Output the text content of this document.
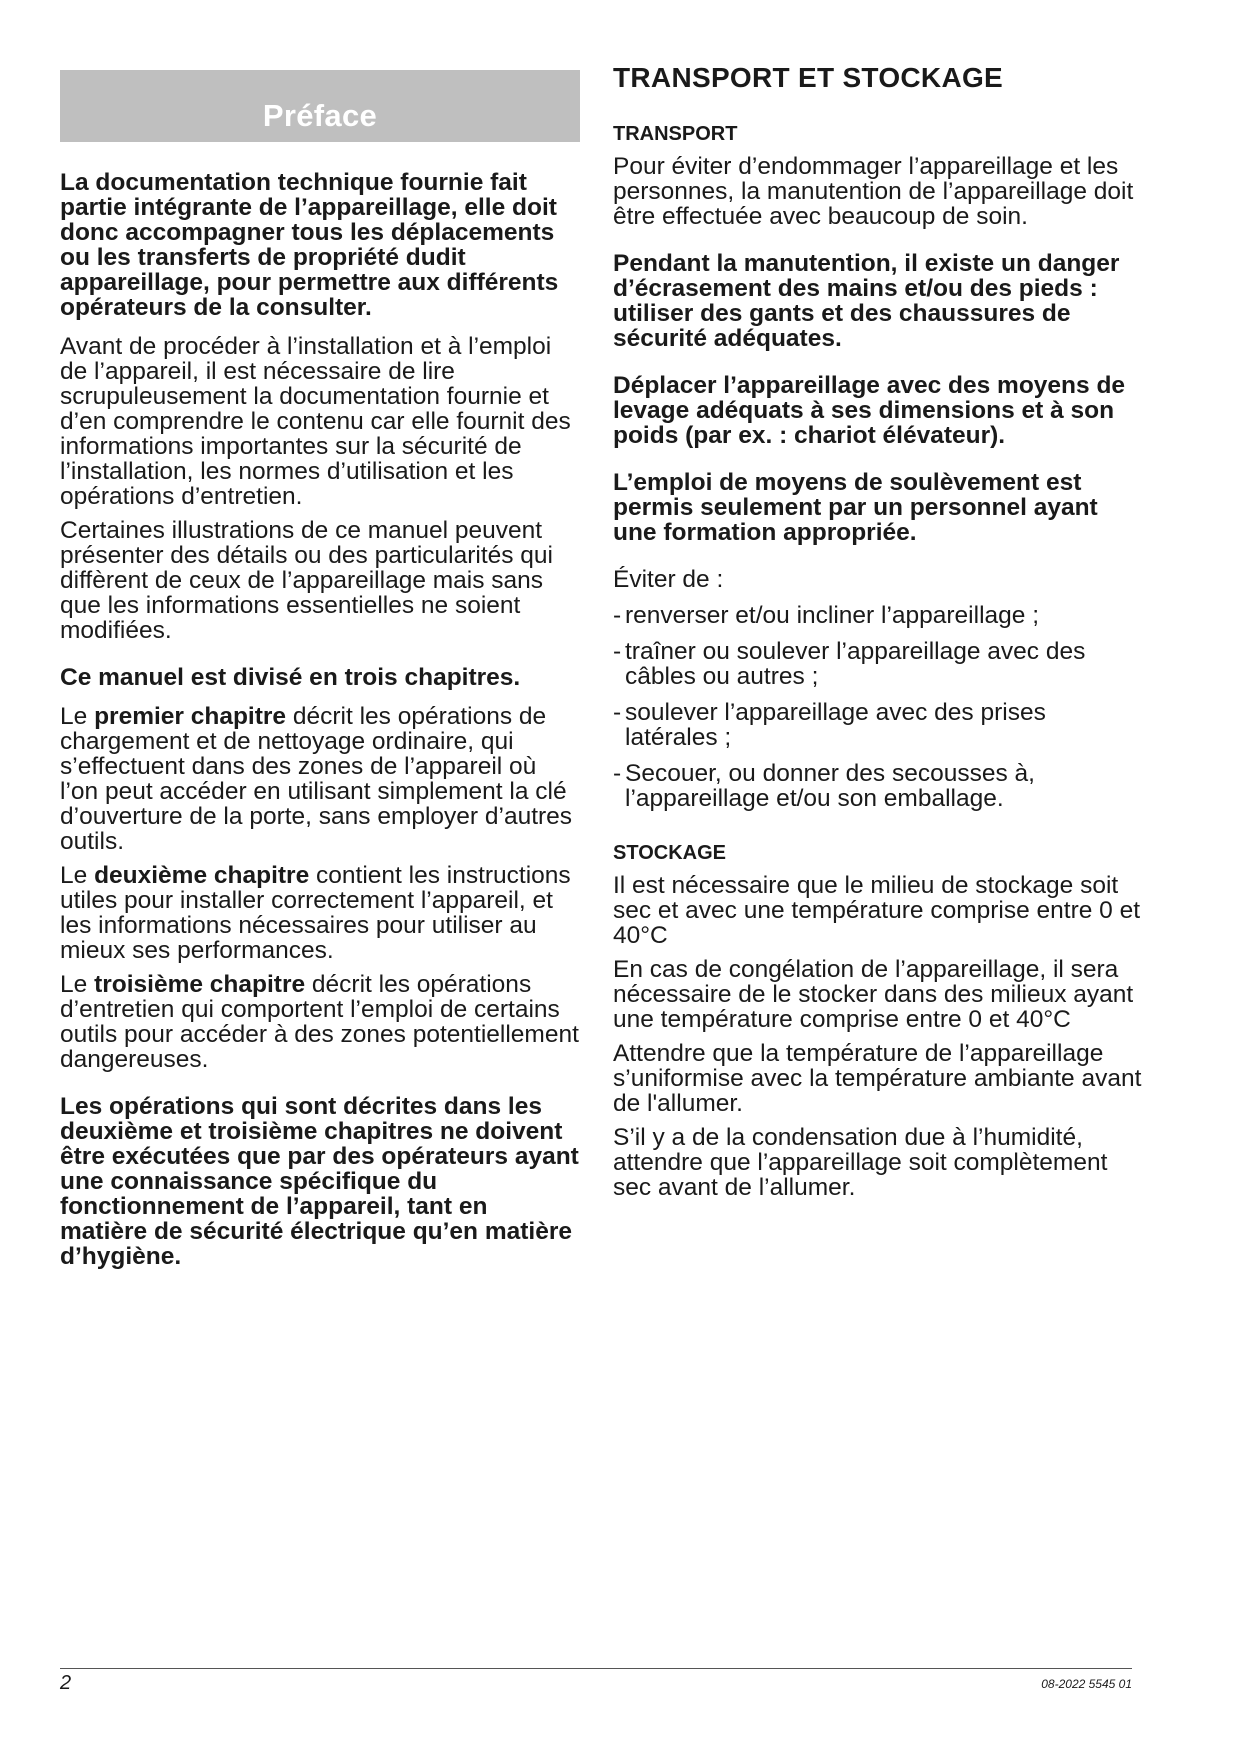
Préface

La documentation technique fournie fait partie intégrante de l’appareillage, elle doit donc accompagner tous les déplacements ou les transferts de propriété dudit appareillage, pour permettre aux différents opérateurs de la consulter.

Avant de procéder à l’installation et à l’emploi de l’appareil, il est nécessaire de lire scrupuleusement la documentation fournie et d’en comprendre le contenu car elle fournit des informations importantes sur la sécurité de l’installation, les normes d’utilisation et les opérations d’entretien.

Certaines illustrations de ce manuel peuvent présenter des détails ou des particularités qui diffèrent de ceux de l’appareillage mais sans que les informations essentielles ne soient modifiées.

Ce manuel est divisé en trois chapitres.

Le premier chapitre décrit les opérations de chargement et de nettoyage ordinaire, qui s’effectuent dans des zones de l’appareil où l’on peut accéder en utilisant simplement la clé d’ouverture de la porte, sans employer d’autres outils.

Le deuxième chapitre contient les instructions utiles pour installer correctement l’appareil, et les informations nécessaires pour utiliser au mieux ses performances.

Le troisième chapitre décrit les opérations d’entretien qui comportent l’emploi de certains outils pour accéder à des zones potentiellement dangereuses.

Les opérations qui sont décrites dans les deuxième et troisième chapitres ne doivent être exécutées que par des opérateurs ayant une connaissance spécifique du fonctionnement de l’appareil, tant en matière de sécurité électrique qu’en matière d’hygiène.

TRANSPORT ET STOCKAGE
TRANSPORT

Pour éviter d’endommager l’appareillage et les personnes, la manutention de l’appareillage doit être effectuée avec beaucoup de soin.

Pendant la manutention, il existe un danger d’écrasement des mains et/ou des pieds : utiliser des gants et des chaussures de sécurité adéquates.

Déplacer l’appareillage avec des moyens de levage adéquats à ses dimensions et à son poids (par ex. : chariot élévateur).

L’emploi de moyens de soulèvement est permis seulement par un personnel ayant une formation appropriée.

Éviter de :

- renverser et/ou incliner l’appareillage ;
- traîner ou soulever l’appareillage avec des câbles ou autres ;
- soulever l’appareillage avec des prises latérales ;
- Secouer, ou donner des secousses à, l’appareillage et/ou son emballage.
STOCKAGE

Il est nécessaire que le milieu de stockage soit sec et avec une température comprise entre 0 et 40°C

En cas de congélation de l’appareillage, il sera nécessaire de le stocker dans des milieux ayant une température comprise entre 0 et 40°C

Attendre que la température de l’appareillage s’uniformise avec la température ambiante avant de l'allumer.

S’il y a de la condensation due à l’humidité, attendre que l’appareillage soit complètement sec avant de l’allumer.

2	08-2022 5545 01
